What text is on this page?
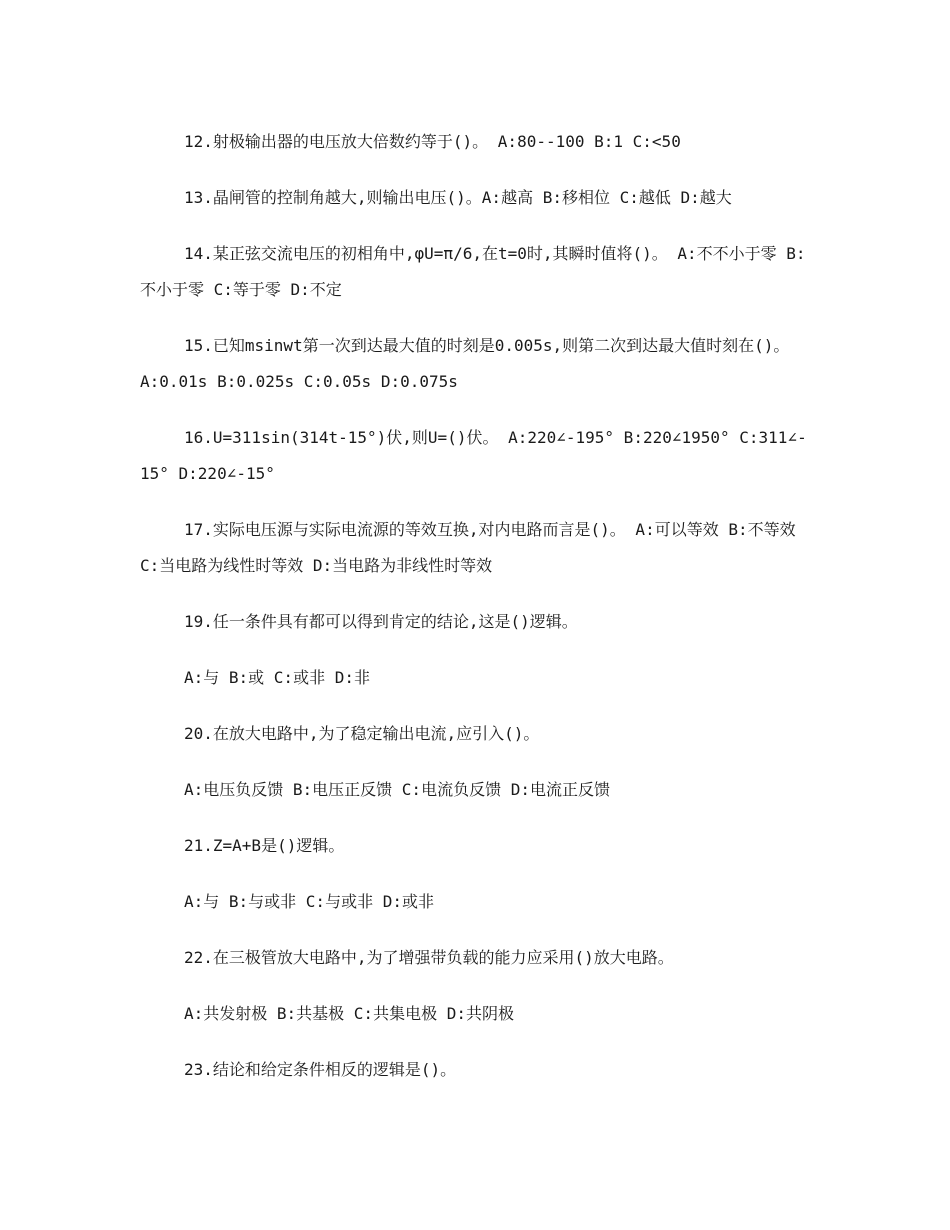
12.射极输出器的电压放大倍数约等于()。 A:80--100 B:1 C:<50

13.晶闸管的控制角越大,则输出电压()。A:越高 B:移相位 C:越低 D:越大

14.某正弦交流电压的初相角中,φU=π/6,在t=0时,其瞬时值将()。 A:不不小于零 B:不小于零 C:等于零 D:不定

15.已知msinwt第一次到达最大值的时刻是0.005s,则第二次到达最大值时刻在()。 A:0.01s B:0.025s C:0.05s D:0.075s

16.U=311sin(314t-15°)伏,则U=()伏。 A:220∠-195° B:220∠1950° C:311∠-15° D:220∠-15°

17.实际电压源与实际电流源的等效互换,对内电路而言是()。 A:可以等效 B:不等效 C:当电路为线性时等效 D:当电路为非线性时等效

19.任一条件具有都可以得到肯定的结论,这是()逻辑。

A:与 B:或 C:或非 D:非

20.在放大电路中,为了稳定输出电流,应引入()。

A:电压负反馈 B:电压正反馈 C:电流负反馈 D:电流正反馈

21.Z=A+B是()逻辑。

A:与 B:与或非 C:与或非 D:或非

22.在三极管放大电路中,为了增强带负载的能力应采用()放大电路。

A:共发射极 B:共基极 C:共集电极 D:共阴极

23.结论和给定条件相反的逻辑是()。
